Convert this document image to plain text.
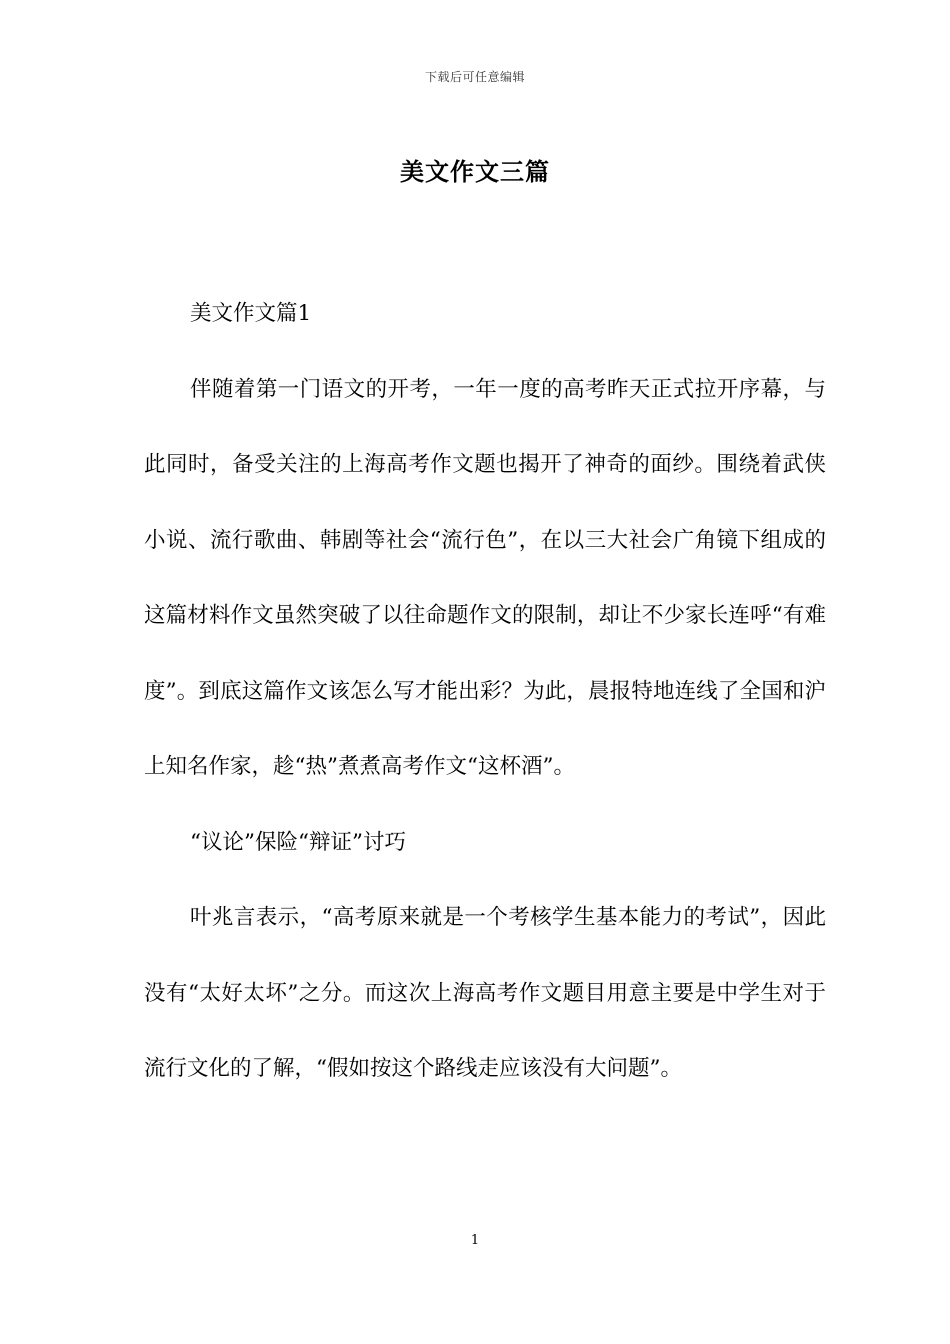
下载后可任意编辑
美文作文三篇

美文作文篇1

伴随着第一门语文的开考，一年一度的高考昨天正式拉开序幕，与此同时，备受关注的上海高考作文题也揭开了神奇的面纱。围绕着武侠小说、流行歌曲、韩剧等社会“流行色”，在以三大社会广角镜下组成的这篇材料作文虽然突破了以往命题作文的限制，却让不少家长连呼“有难度”。到底这篇作文该怎么写才能出彩？为此，晨报特地连线了全国和沪上知名作家，趁“热”煮煮高考作文“这杯酒”。

“议论”保险“辩证”讨巧

叶兆言表示，“高考原来就是一个考核学生基本能力的考试”，因此没有“太好太坏”之分。而这次上海高考作文题目用意主要是中学生对于流行文化的了解，“假如按这个路线走应该没有大问题”。

1
